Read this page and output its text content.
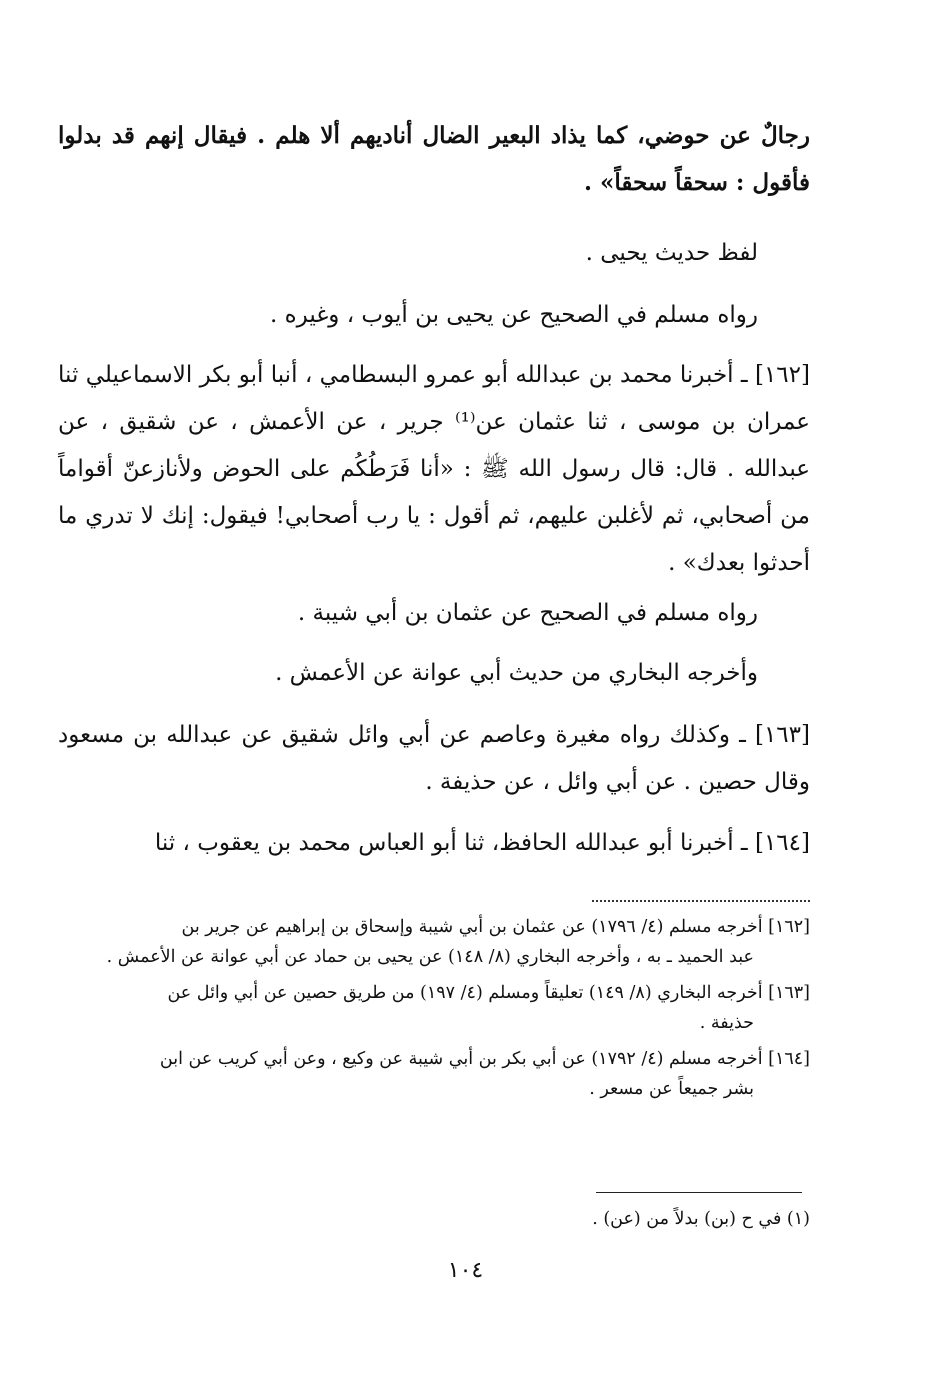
رجالٌ عن حوضي، كما يذاد البعير الضال أناديهم ألا هلم . فيقال إنهم قد بدلوا فأقول : سحقاً سحقاً» .

لفظ حديث يحيى .

رواه مسلم في الصحيح عن يحيى بن أيوب ، وغيره .

[١٦٢] ـ أخبرنا محمد بن عبدالله أبو عمرو البسطامي ، أنبا أبو بكر الاسماعيلي ثنا عمران بن موسى ، ثنا عثمان عن⁽¹⁾ جرير ، عن الأعمش ، عن شقيق ، عن عبدالله . قال: قال رسول الله ﷺ : «أنا فَرَطُكُم على الحوض ولأنازعنّ أقواماً من أصحابي، ثم لأغلبن عليهم، ثم أقول : يا رب أصحابي! فيقول: إنك لا تدري ما أحدثوا بعدك» .

رواه مسلم في الصحيح عن عثمان بن أبي شيبة .

وأخرجه البخاري من حديث أبي عوانة عن الأعمش .

[١٦٣] ـ وكذلك رواه مغيرة وعاصم عن أبي وائل شقيق عن عبدالله بن مسعود وقال حصين . عن أبي وائل ، عن حذيفة .

[١٦٤] ـ أخبرنا أبو عبدالله الحافظ، ثنا أبو العباس محمد بن يعقوب ، ثنا

[١٦٢] أخرجه مسلم (٤/ ١٧٩٦) عن عثمان بن أبي شيبة وإسحاق بن إبراهيم عن جرير بن
عبد الحميد ـ به ، وأخرجه البخاري (٨/ ١٤٨) عن يحيى بن حماد عن أبي عوانة عن الأعمش .

[١٦٣] أخرجه البخاري (٨/ ١٤٩) تعليقاً ومسلم (٤/ ١٩٧) من طريق حصين عن أبي وائل عن
حذيفة .

[١٦٤] أخرجه مسلم (٤/ ١٧٩٢) عن أبي بكر بن أبي شيبة عن وكيع ، وعن أبي كريب عن ابن
بشر جميعاً عن مسعر .

(١) في ح (بن) بدلاً من (عن) .
١٠٤
